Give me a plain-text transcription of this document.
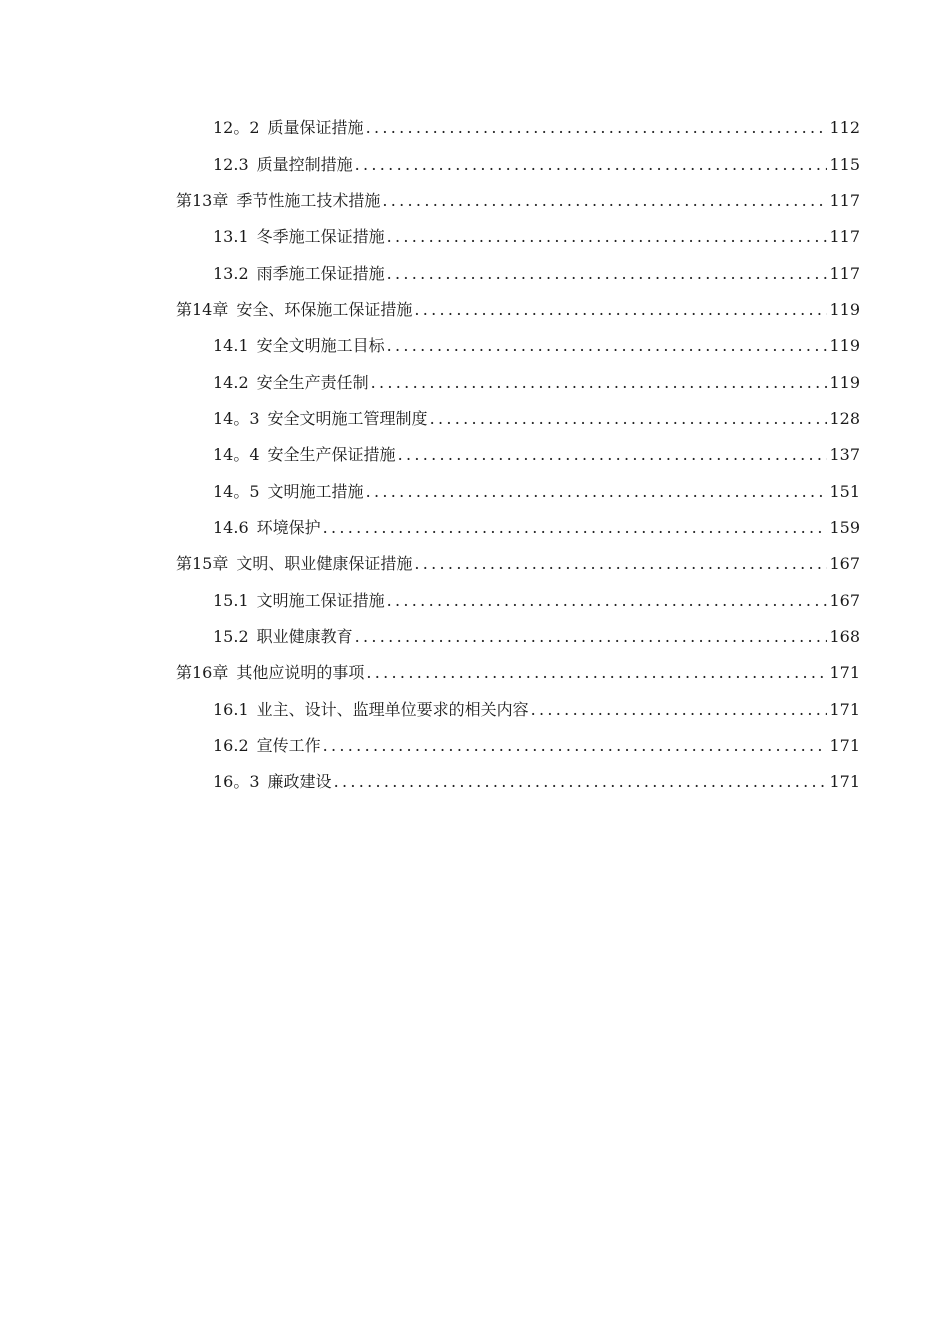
12。2 质量保证措施 .....	112
12.3 质量控制措施 .....	115
第13章 季节性施工技术措施 .....	117
13.1 冬季施工保证措施 .....	117
13.2 雨季施工保证措施 .....	117
第14章 安全、环保施工保证措施 .....	119
14.1 安全文明施工目标 .....	119
14.2 安全生产责任制 .....	119
14。3 安全文明施工管理制度 .....	128
14。4 安全生产保证措施 .....	137
14。5 文明施工措施 .....	151
14.6 环境保护 .....	159
第15章 文明、职业健康保证措施 .....	167
15.1 文明施工保证措施 .....	167
15.2 职业健康教育 .....	168
第16章 其他应说明的事项 .....	171
16.1 业主、设计、监理单位要求的相关内容 .....	171
16.2 宣传工作 .....	171
16。3 廉政建设 .....	171
